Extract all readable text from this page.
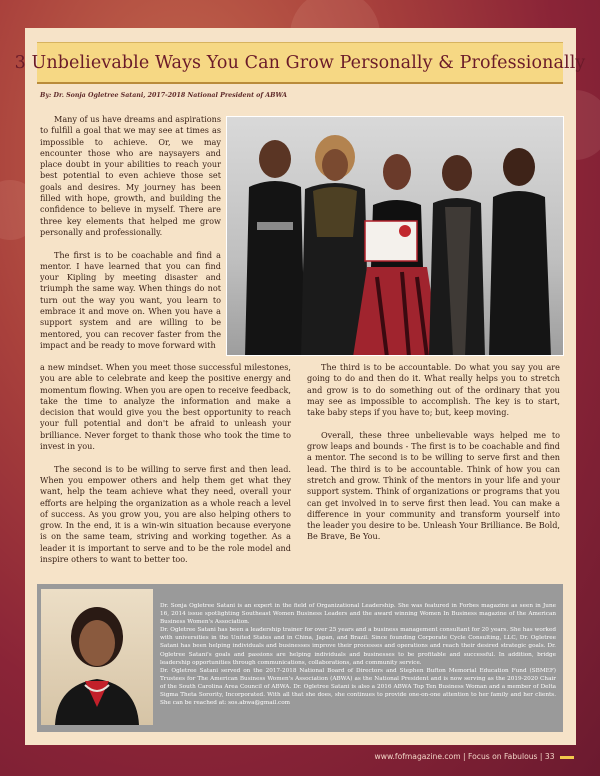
3 Unbelievable Ways You Can Grow Personally & Professionally
By: Dr. Sonja Ogletree Satani, 2017-2018 National President of ABWA

Many of us have dreams and aspirations to fulfill a goal that we may see at times as impossible to achieve. Or, we may encounter those who are naysayers and place doubt in your abilities to reach your best potential to even achieve those set goals and desires. My journey has been filled with hope, growth, and building the confidence to believe in myself. There are three key elements that helped me grow personally and professionally.

The first is to be coachable and find a mentor. I have learned that you can find your Kipling by meeting disaster and triumph the same way. When things do not turn out the way you want, you learn to embrace it and move on. When you have a support system and are willing to be mentored, you can recover faster from the impact and be ready to move forward with

a new mindset. When you meet those successful milestones, you are able to celebrate and keep the positive energy and momentum flowing. When you are open to receive feedback, take the time to analyze the information and make a decision that would give you the best opportunity to reach your full potential and don't be afraid to unleash your brilliance. Never forget to thank those who took the time to invest in you.

The second is to be willing to serve first and then lead. When you empower others and help them get what they want, help the team achieve what they need, overall your efforts are helping the organization as a whole reach a level of success. As you grow you, you are also helping others to grow. In the end, it is a win-win situation because everyone is on the same team, striving and working together. As a leader it is important to serve and to be the role model and inspire others to want to better too.

The third is to be accountable. Do what you say you are going to do and then do it. What really helps you to stretch and grow is to do something out of the ordinary that you may see as impossible to accomplish. The key is to start, take baby steps if you have to; but, keep moving.

Overall, these three unbelievable ways helped me to grow leaps and bounds - The first is to be coachable and find a mentor. The second is to be willing to serve first and then lead. The third is to be accountable. Think of how you can stretch and grow. Think of the mentors in your life and your support system. Think of organizations or programs that you can get involved in to serve first then lead. You can make a difference in your community and transform yourself into the leader you desire to be. Unleash Your Brilliance. Be Bold, Be Brave, Be You.

Dr. Sonja Ogletree Satani is an expert in the field of Organizational Leadership. She was featured in Forbes magazine as seen in June 16, 2014 issue spotlighting Southeast Women Business Leaders and the award winning Women In Business magazine of the American Business Women's Association.
Dr. Ogletree Satani has been a leadership trainer for over 25 years and a business management consultant for 20 years. She has worked with universities in the United States and in China, Japan, and Brazil. Since founding Corporate Cycle Consulting, LLC, Dr. Ogletree Satani has been helping individuals and businesses improve their processes and operations and reach their desired strategic goals. Dr. Ogletree Satani's goals and passions are helping individuals and businesses to be profitable and successful. In addition, bridge leadership opportunities through communications, collaborations, and community service.
Dr. Ogletree Satani served on the 2017-2018 National Board of Directors and Stephen Bufton Memorial Education Fund (SBMEF) Trustees for The American Business Women's Association (ABWA) as the National President and is now serving as the 2019-2020 Chair of the South Carolina Area Council of ABWA. Dr. Ogletree Satani is also a 2016 ABWA Top Ten Business Woman and a member of Delta Sigma Theta Sorority, Incorporated. With all that she does, she continues to provide one-on-one attention to her family and her clients. She can be reached at: sos.abwa@gmail.com
www.fofmagazine.com | Focus on Fabulous | 33
